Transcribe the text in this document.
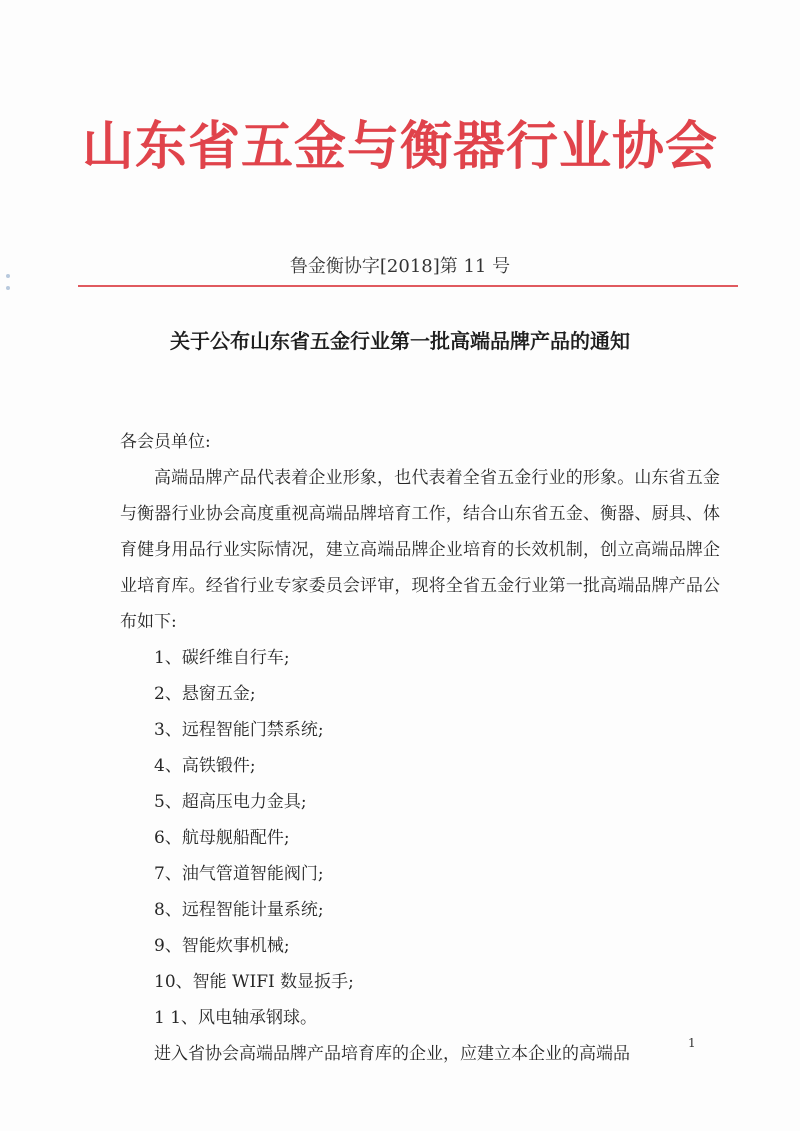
山东省五金与衡器行业协会
鲁金衡协字[2018]第 11 号
关于公布山东省五金行业第一批高端品牌产品的通知

各会员单位:

高端品牌产品代表着企业形象，也代表着全省五金行业的形象。山东省五金与衡器行业协会高度重视高端品牌培育工作，结合山东省五金、衡器、厨具、体育健身用品行业实际情况，建立高端品牌企业培育的长效机制，创立高端品牌企业培育库。经省行业专家委员会评审，现将全省五金行业第一批高端品牌产品公布如下:

1、碳纤维自行车;

2、悬窗五金;

3、远程智能门禁系统;

4、高铁锻件;

5、超高压电力金具;

6、航母舰船配件;

7、油气管道智能阀门;

8、远程智能计量系统;

9、智能炊事机械;

10、智能 WIFI 数显扳手;

1 1、风电轴承钢球。

进入省协会高端品牌产品培育库的企业，应建立本企业的高端品

1
